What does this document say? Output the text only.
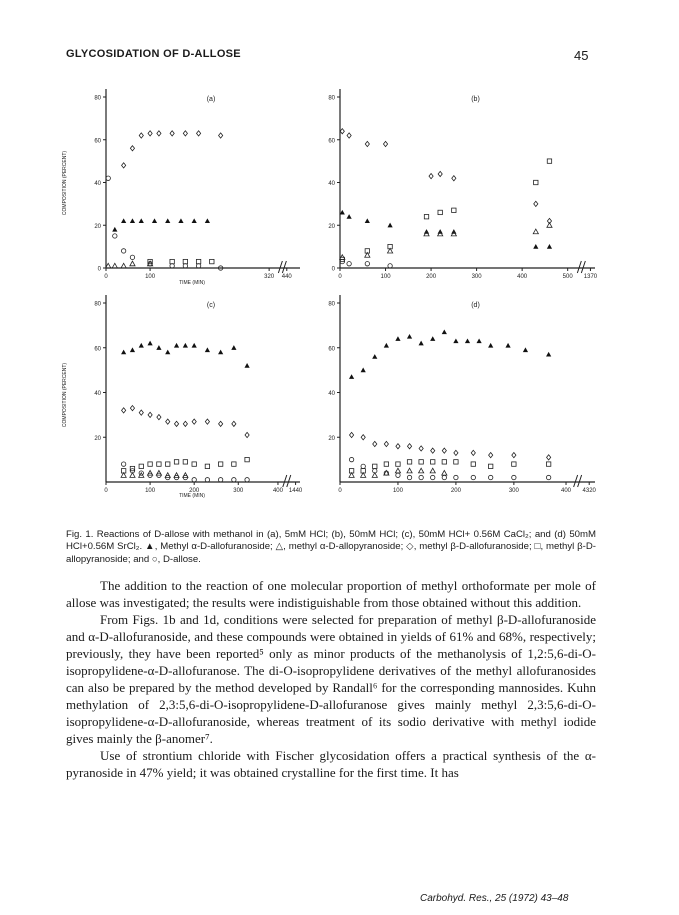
GLYCOSIDATION OF D-ALLOSE	45
0
20
40
60
80
0	100	320 440
(a)
COMPOSITION (PERCENT)
TIME (MIN)
0
20
40
60
80
0	100	200	300	400	500 1370
(b)
20
40
60
80
0	100	200	300	400 1440
(c)
COMPOSITION (PERCENT)
TIME (MIN)
20
40
60
80
0	100	200	300	400 4320
(d)
Fig. 1. Reactions of D-allose with methanol in (a), 5mM HCl; (b), 50mM HCl; (c), 50mM HCl+ 0.56M CaCl₂; and (d) 50mM HCl+0.56M SrCl₂. ▲, Methyl α-D-allofuranoside; △, methyl α-D-allopyranoside; ◇, methyl β-D-allofuranoside; □, methyl β-D-allopyranoside; and ○, D-allose.

The addition to the reaction of one molecular proportion of methyl orthoformate per mole of allose was investigated; the results were indistiguishable from those obtained without this addition.

From Figs. 1b and 1d, conditions were selected for preparation of methyl β-D-allofuranoside and α-D-allofuranoside, and these compounds were obtained in yields of 61% and 68%, respectively; previously, they have been reported⁵ only as minor products of the methanolysis of 1,2:5,6-di-O-isopropylidene-α-D-allofuranose. The di-O-isopropylidene derivatives of the methyl allofuranosides can also be prepared by the method developed by Randall⁶ for the corresponding mannosides. Kuhn methylation of 2,3:5,6-di-O-isopropylidene-D-allofuranose gives mainly methyl 2,3:5,6-di-O-isopropylidene-α-D-allofuranoside, whereas treatment of its sodio derivative with methyl iodide gives mainly the β-anomer⁷.

Use of strontium chloride with Fischer glycosidation offers a practical synthesis of the α-pyranoside in 47% yield; it was obtained crystalline for the first time. It has

Carbohyd. Res., 25 (1972) 43–48
